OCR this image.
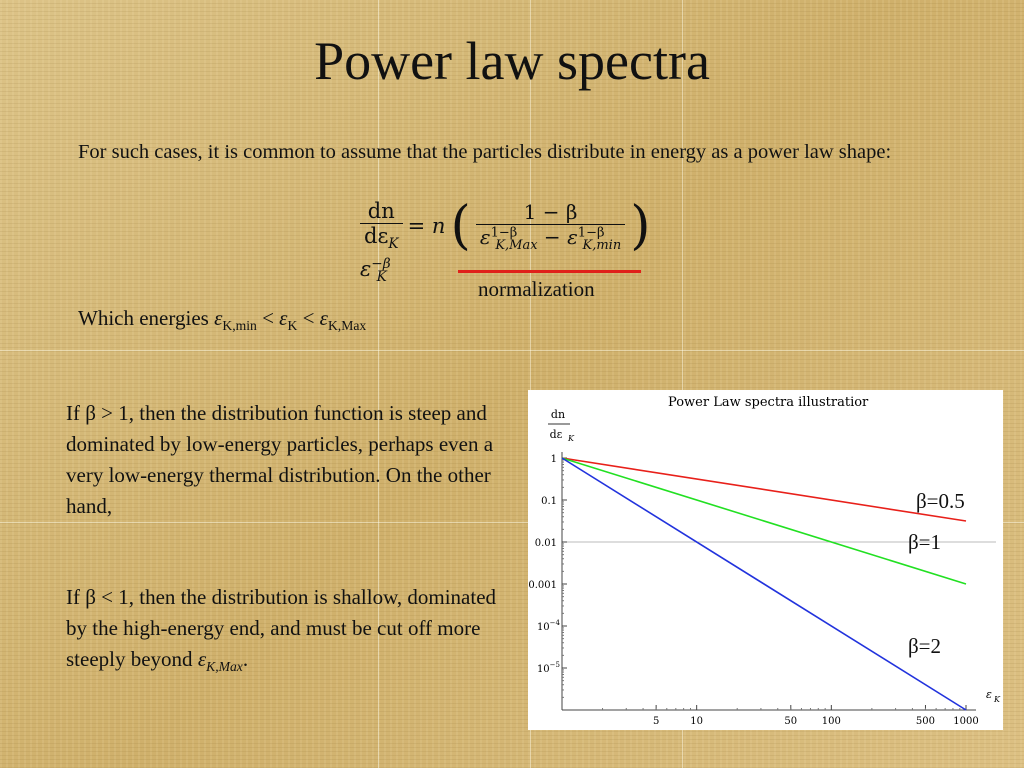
Power law spectra
For such cases, it is common to assume that the particles distribute in energy as a power law shape:
$\frac{dn}{d\varepsilon_K} = n$ ( $\frac{1 - \beta}{\varepsilon^{1-\beta}_{K,Max} - \varepsilon^{1-\beta}_{K,min}}$ ) $\varepsilon^{-\beta}_K$	normalization
Which energies $\varepsilon_{K,min} < \varepsilon_K < \varepsilon_{K,Max}$
If β > 1, then the distribution function is steep and dominated by low-energy particles, perhaps even a very low-energy thermal distribution. On the other hand,
If β < 1, then the distribution is shallow, dominated by the high-energy end, and must be cut off more steeply beyond $\varepsilon_{K,Max}$.
Power Law spectra illustratior
dn
dε K
1
0.1
0.01
0.001
$10^{-4}$
$10^{-5}$
5	10	50 100	500 1000
ε K
β=0.5
β=1
β=2
